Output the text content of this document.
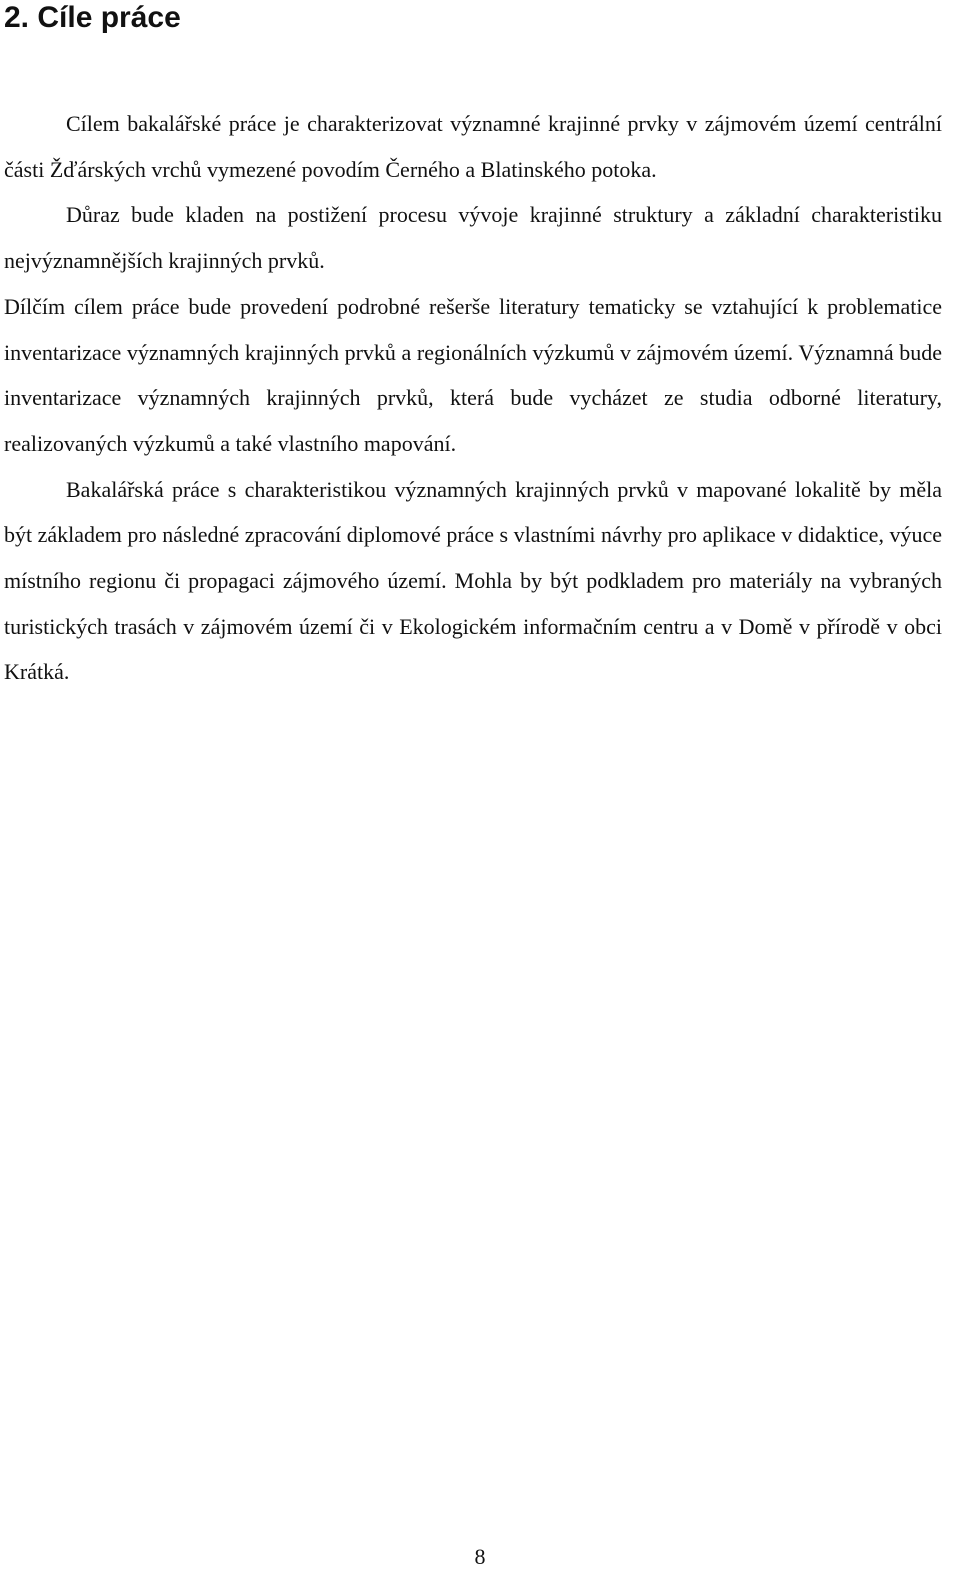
2. Cíle práce

Cílem bakalářské práce je charakterizovat významné krajinné prvky v zájmovém území centrální části Žďárských vrchů vymezené povodím Černého a Blatinského potoka.

Důraz bude kladen na postižení procesu vývoje krajinné struktury a základní charakteristiku nejvýznamnějších krajinných prvků.

Dílčím cílem práce bude provedení podrobné rešerše literatury tematicky se vztahující k problematice inventarizace významných krajinných prvků a regionálních výzkumů v zájmovém území. Významná bude inventarizace významných krajinných prvků, která bude vycházet ze studia odborné literatury, realizovaných výzkumů a také vlastního mapování.

Bakalářská práce s charakteristikou významných krajinných prvků v mapované lokalitě by měla být základem pro následné zpracování diplomové práce s vlastními návrhy pro aplikace v didaktice, výuce místního regionu či propagaci zájmového území. Mohla by být podkladem pro materiály na vybraných turistických trasách v zájmovém území či v Ekologickém informačním centru a v Domě v přírodě v obci Krátká.

8
